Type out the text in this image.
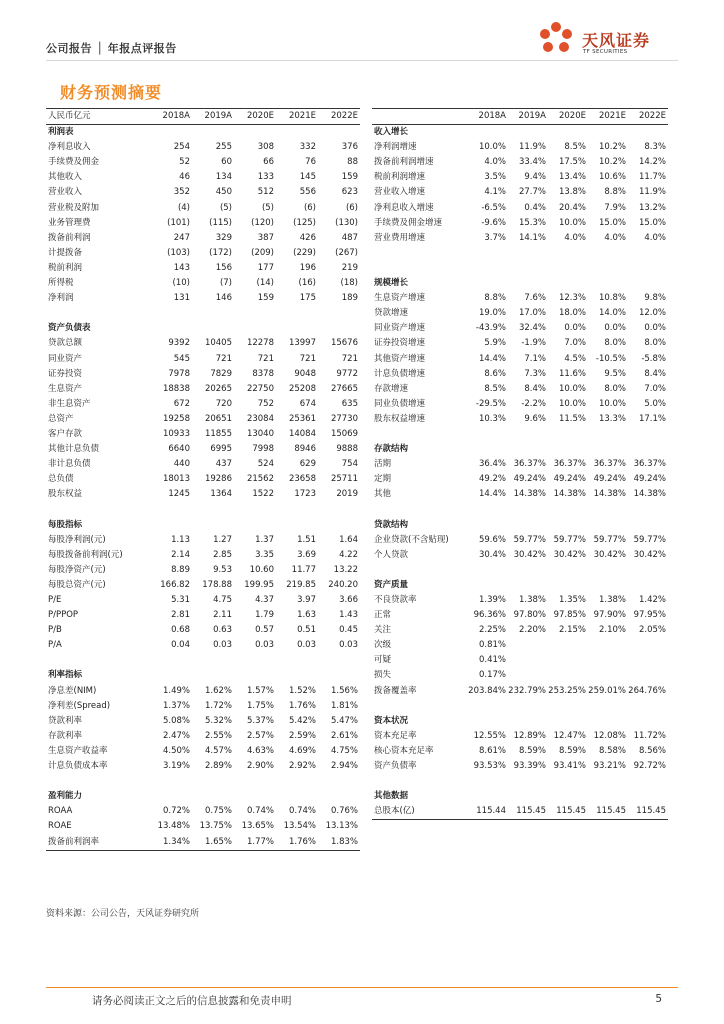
公司报告 │ 年报点评报告	天风证券
TF SECURITIES
财务预测摘要
人民币亿元	2018A	2019A	2020E	2021E	2022E
利润表					
净利息收入	254	255	308	332	376
手续费及佣金	52	60	66	76	88
其他收入	46	134	133	145	159
营业收入	352	450	512	556	623
营业税及附加	(4)	(5)	(5)	(6)	(6)
业务管理费	(101)	(115)	(120)	(125)	(130)
拨备前利润	247	329	387	426	487
计提拨备	(103)	(172)	(209)	(229)	(267)
税前利润	143	156	177	196	219
所得税	(10)	(7)	(14)	(16)	(18)
净利润	131	146	159	175	189

资产负债表					
贷款总额	9392	10405	12278	13997	15676
同业资产	545	721	721	721	721
证券投资	7978	7829	8378	9048	9772
生息资产	18838	20265	22750	25208	27665
非生息资产	672	720	752	674	635
总资产	19258	20651	23084	25361	27730
客户存款	10933	11855	13040	14084	15069
其他计息负债	6640	6995	7998	8946	9888
非计息负债	440	437	524	629	754
总负债	18013	19286	21562	23658	25711
股东权益	1245	1364	1522	1723	2019

每股指标					
每股净利润(元)	1.13	1.27	1.37	1.51	1.64
每股拨备前利润(元)	2.14	2.85	3.35	3.69	4.22
每股净资产(元)	8.89	9.53	10.60	11.77	13.22
每股总资产(元)	166.82	178.88	199.95	219.85	240.20
P/E	5.31	4.75	4.37	3.97	3.66
P/PPOP	2.81	2.11	1.79	1.63	1.43
P/B	0.68	0.63	0.57	0.51	0.45
P/A	0.04	0.03	0.03	0.03	0.03

利率指标					
净息差(NIM)	1.49%	1.62%	1.57%	1.52%	1.56%
净利差(Spread)	1.37%	1.72%	1.75%	1.76%	1.81%
贷款利率	5.08%	5.32%	5.37%	5.42%	5.47%
存款利率	2.47%	2.55%	2.57%	2.59%	2.61%
生息资产收益率	4.50%	4.57%	4.63%	4.69%	4.75%
计息负债成本率	3.19%	2.89%	2.90%	2.92%	2.94%

盈利能力					
ROAA	0.72%	0.75%	0.74%	0.74%	0.76%
ROAE	13.48%	13.75%	13.65%	13.54%	13.13%
拨备前利润率	1.34%	1.65%	1.77%	1.76%	1.83%
	2018A	2019A	2020E	2021E	2022E
收入增长					
净利润增速	10.0%	11.9%	8.5%	10.2%	8.3%
拨备前利润增速	4.0%	33.4%	17.5%	10.2%	14.2%
税前利润增速	3.5%	9.4%	13.4%	10.6%	11.7%
营业收入增速	4.1%	27.7%	13.8%	8.8%	11.9%
净利息收入增速	-6.5%	0.4%	20.4%	7.9%	13.2%
手续费及佣金增速	-9.6%	15.3%	10.0%	15.0%	15.0%
营业费用增速	3.7%	14.1%	4.0%	4.0%	4.0%

规模增长					
生息资产增速	8.8%	7.6%	12.3%	10.8%	9.8%
贷款增速	19.0%	17.0%	18.0%	14.0%	12.0%
同业资产增速	-43.9%	32.4%	0.0%	0.0%	0.0%
证券投资增速	5.9%	-1.9%	7.0%	8.0%	8.0%
其他资产增速	14.4%	7.1%	4.5%	-10.5%	-5.8%
计息负债增速	8.6%	7.3%	11.6%	9.5%	8.4%
存款增速	8.5%	8.4%	10.0%	8.0%	7.0%
同业负债增速	-29.5%	-2.2%	10.0%	10.0%	5.0%
股东权益增速	10.3%	9.6%	11.5%	13.3%	17.1%

存款结构					
活期	36.4%	36.37%	36.37%	36.37%	36.37%
定期	49.2%	49.24%	49.24%	49.24%	49.24%
其他	14.4%	14.38%	14.38%	14.38%	14.38%

贷款结构					
企业贷款(不含贴现)	59.6%	59.77%	59.77%	59.77%	59.77%
个人贷款	30.4%	30.42%	30.42%	30.42%	30.42%

资产质量					
不良贷款率	1.39%	1.38%	1.35%	1.38%	1.42%
正常	96.36%	97.80%	97.85%	97.90%	97.95%
关注	2.25%	2.20%	2.15%	2.10%	2.05%
次级	0.81%				
可疑	0.41%				
损失	0.17%				
拨备覆盖率	203.84%	232.79%	253.25%	259.01%	264.76%

资本状况					
资本充足率	12.55%	12.89%	12.47%	12.08%	11.72%
核心资本充足率	8.61%	8.59%	8.59%	8.58%	8.56%
资产负债率	93.53%	93.39%	93.41%	93.21%	92.72%

其他数据					
总股本(亿)	115.44	115.45	115.45	115.45	115.45
资料来源：公司公告，天风证券研究所
请务必阅读正文之后的信息披露和免责申明	5
